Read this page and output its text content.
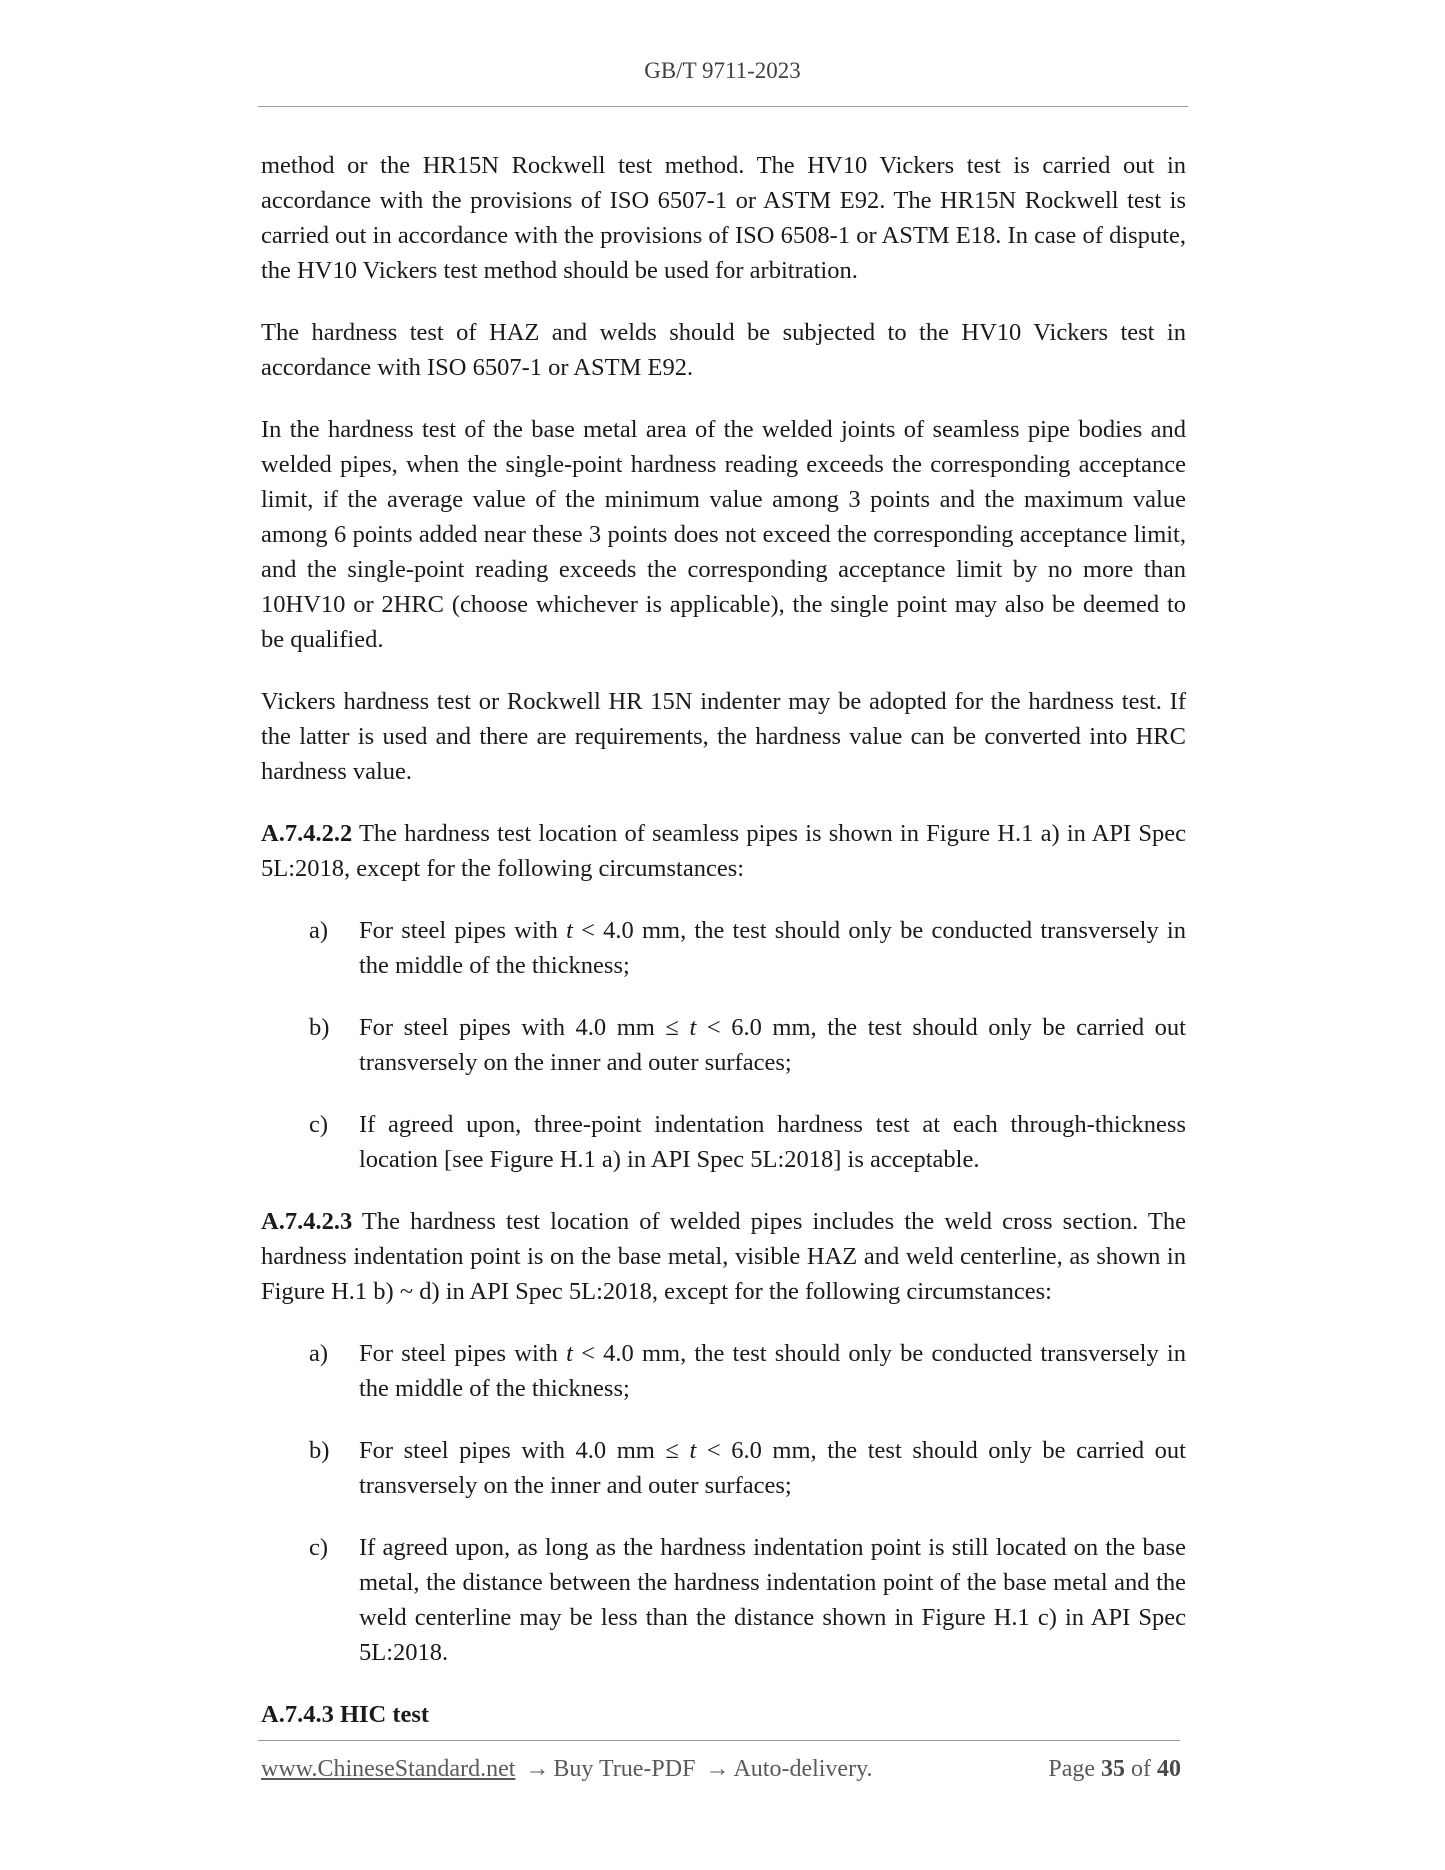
GB/T 9711-2023

method or the HR15N Rockwell test method. The HV10 Vickers test is carried out in accordance with the provisions of ISO 6507-1 or ASTM E92. The HR15N Rockwell test is carried out in accordance with the provisions of ISO 6508-1 or ASTM E18. In case of dispute, the HV10 Vickers test method should be used for arbitration.

The hardness test of HAZ and welds should be subjected to the HV10 Vickers test in accordance with ISO 6507-1 or ASTM E92.

In the hardness test of the base metal area of the welded joints of seamless pipe bodies and welded pipes, when the single-point hardness reading exceeds the corresponding acceptance limit, if the average value of the minimum value among 3 points and the maximum value among 6 points added near these 3 points does not exceed the corresponding acceptance limit, and the single-point reading exceeds the corresponding acceptance limit by no more than 10HV10 or 2HRC (choose whichever is applicable), the single point may also be deemed to be qualified.

Vickers hardness test or Rockwell HR 15N indenter may be adopted for the hardness test. If the latter is used and there are requirements, the hardness value can be converted into HRC hardness value.

A.7.4.2.2 The hardness test location of seamless pipes is shown in Figure H.1 a) in API Spec 5L:2018, except for the following circumstances:

a)	For steel pipes with t < 4.0 mm, the test should only be conducted transversely in the middle of the thickness;
b)	For steel pipes with 4.0 mm ≤ t < 6.0 mm, the test should only be carried out transversely on the inner and outer surfaces;
c)	If agreed upon, three-point indentation hardness test at each through-thickness location [see Figure H.1 a) in API Spec 5L:2018] is acceptable.

A.7.4.2.3 The hardness test location of welded pipes includes the weld cross section. The hardness indentation point is on the base metal, visible HAZ and weld centerline, as shown in Figure H.1 b) ~ d) in API Spec 5L:2018, except for the following circumstances:

a)	For steel pipes with t < 4.0 mm, the test should only be conducted transversely in the middle of the thickness;
b)	For steel pipes with 4.0 mm ≤ t < 6.0 mm, the test should only be carried out transversely on the inner and outer surfaces;
c)	If agreed upon, as long as the hardness indentation point is still located on the base metal, the distance between the hardness indentation point of the base metal and the weld centerline may be less than the distance shown in Figure H.1 c) in API Spec 5L:2018.

A.7.4.3 HIC test

www.ChineseStandard.net → Buy True-PDF → Auto-delivery.	Page 35 of 40
